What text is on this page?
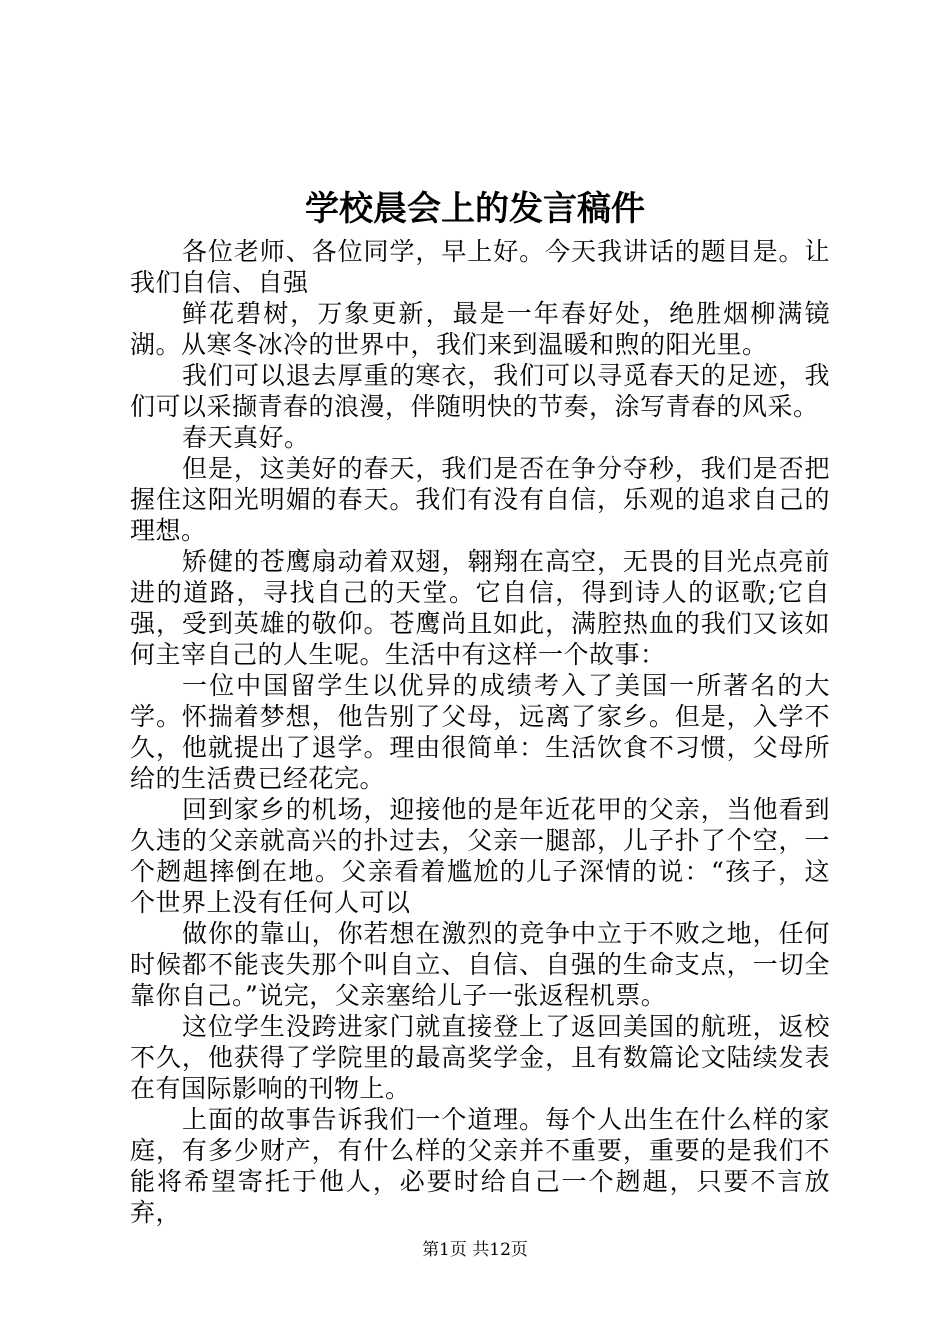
学校晨会上的发言稿件

各位老师、各位同学，早上好。今天我讲话的题目是。让我们自信、自强

鲜花碧树，万象更新，最是一年春好处，绝胜烟柳满镜湖。从寒冬冰冷的世界中，我们来到温暖和煦的阳光里。

我们可以退去厚重的寒衣，我们可以寻觅春天的足迹，我们可以采撷青春的浪漫，伴随明快的节奏，涂写青春的风采。

春天真好。

但是，这美好的春天，我们是否在争分夺秒，我们是否把握住这阳光明媚的春天。我们有没有自信，乐观的追求自己的理想。

矫健的苍鹰扇动着双翅，翱翔在高空，无畏的目光点亮前进的道路，寻找自己的天堂。它自信，得到诗人的讴歌;它自强，受到英雄的敬仰。苍鹰尚且如此，满腔热血的我们又该如何主宰自己的人生呢。生活中有这样一个故事：

一位中国留学生以优异的成绩考入了美国一所著名的大学。怀揣着梦想，他告别了父母，远离了家乡。但是，入学不久，他就提出了退学。理由很简单：生活饮食不习惯，父母所给的生活费已经花完。

回到家乡的机场，迎接他的是年近花甲的父亲，当他看到久违的父亲就高兴的扑过去，父亲一腿部，儿子扑了个空，一个趔趄摔倒在地。父亲看着尴尬的儿子深情的说：“孩子，这个世界上没有任何人可以

做你的靠山，你若想在激烈的竞争中立于不败之地，任何时候都不能丧失那个叫自立、自信、自强的生命支点，一切全靠你自己。”说完，父亲塞给儿子一张返程机票。

这位学生没跨进家门就直接登上了返回美国的航班，返校不久，他获得了学院里的最高奖学金，且有数篇论文陆续发表在有国际影响的刊物上。

上面的故事告诉我们一个道理。每个人出生在什么样的家庭，有多少财产，有什么样的父亲并不重要，重要的是我们不能将希望寄托于他人，必要时给自己一个趔趄，只要不言放弃，

第1页 共12页
